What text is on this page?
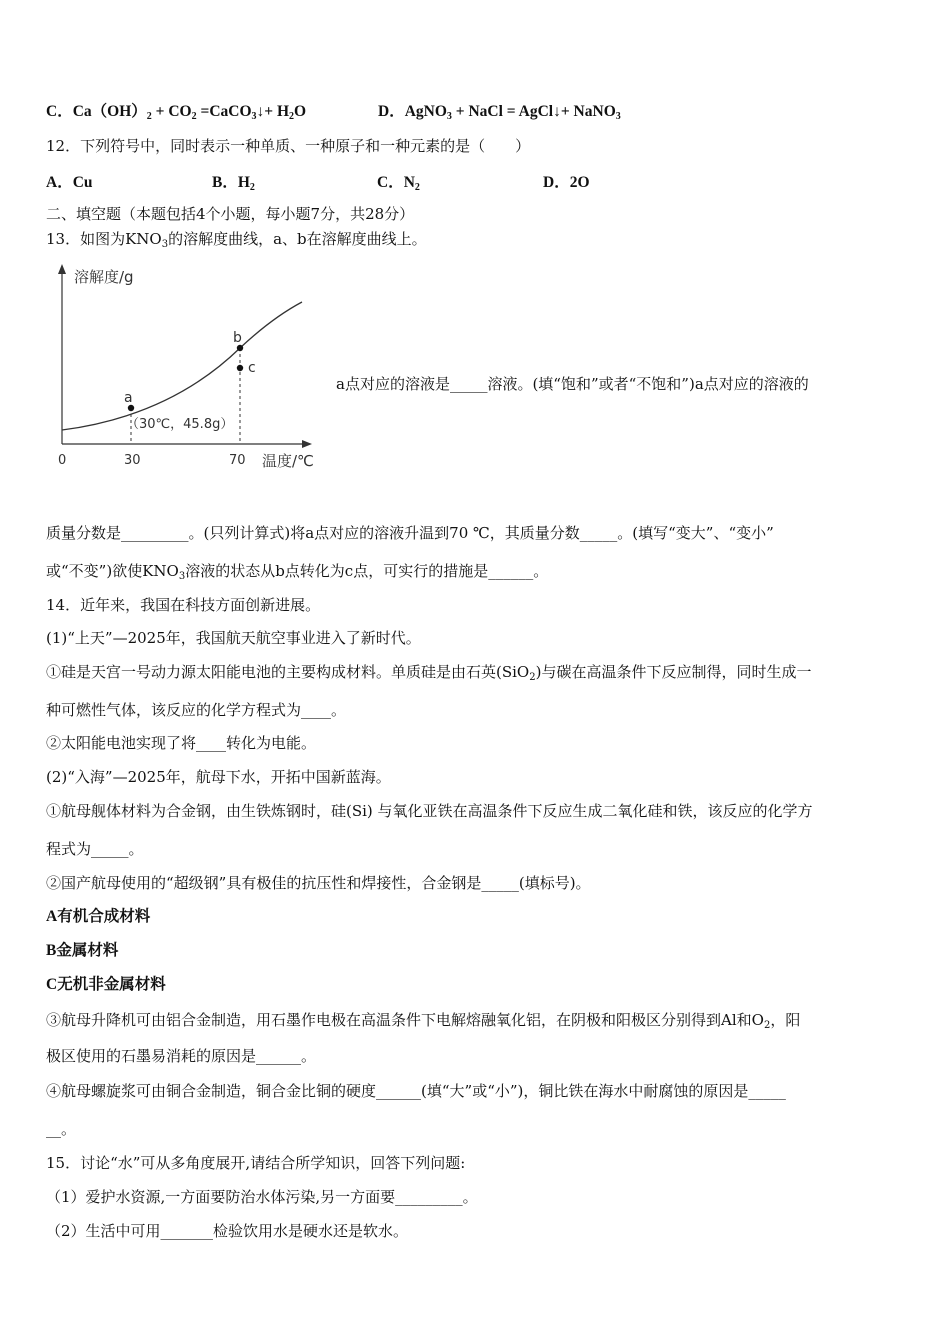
C．$Ca(OH)_2 + CO_2$ =CaCO$_3$↓+ $H_2O$	D．AgNO$_3$ + NaCl = AgCl↓+ NaNO$_3$
12．下列符号中，同时表示一种单质、一种原子和一种元素的是（　　）
A．Cu	B．$H_2$	C．$N_2$	D．2O
二、填空题（本题包括4个小题，每小题7分，共28分）
13．如图为$KNO_3$的溶解度曲线，a、b在溶解度曲线上。
溶解度/g
温度/℃
0	30	70
a
b
c
（30℃，45.8g）
a点对应的溶液是_____溶液。(填“饱和”或者“不饱和”)a点对应的溶液的
质量分数是_________。(只列计算式)将a点对应的溶液升温到70 ℃，其质量分数_____。(填写“变大”、“变小”
或“不变”)欲使$KNO_3$溶液的状态从b点转化为c点，可实行的措施是______。
14．近年来，我国在科技方面创新进展。
(1)“上天”—2025年，我国航天航空事业进入了新时代。
①硅是天宫一号动力源太阳能电池的主要构成材料。单质硅是由石英(SiO$_2$)与碳在高温条件下反应制得，同时生成一
种可燃性气体，该反应的化学方程式为____。
②太阳能电池实现了将____转化为电能。
(2)“入海”—2025年，航母下水，开拓中国新蓝海。
①航母舰体材料为合金钢，由生铁炼钢时，硅(Si) 与氧化亚铁在高温条件下反应生成二氧化硅和铁，该反应的化学方
程式为_____。
②国产航母使用的“超级钢”具有极佳的抗压性和焊接性，合金钢是_____(填标号)。
A有机合成材料
B金属材料
C无机非金属材料
③航母升降机可由铝合金制造，用石墨作电极在高温条件下电解熔融氧化铝，在阴极和阳极区分别得到Al和$O_2$，阳
极区使用的石墨易消耗的原因是______。
④航母螺旋浆可由铜合金制造，铜合金比铜的硬度______(填“大”或“小”)，铜比铁在海水中耐腐蚀的原因是_____
__。
15．讨论“水”可从多角度展开,请结合所学知识，回答下列问题:
（1）爱护水资源,一方面要防治水体污染,另一方面要_________。
（2）生活中可用_______检验饮用水是硬水还是软水。
